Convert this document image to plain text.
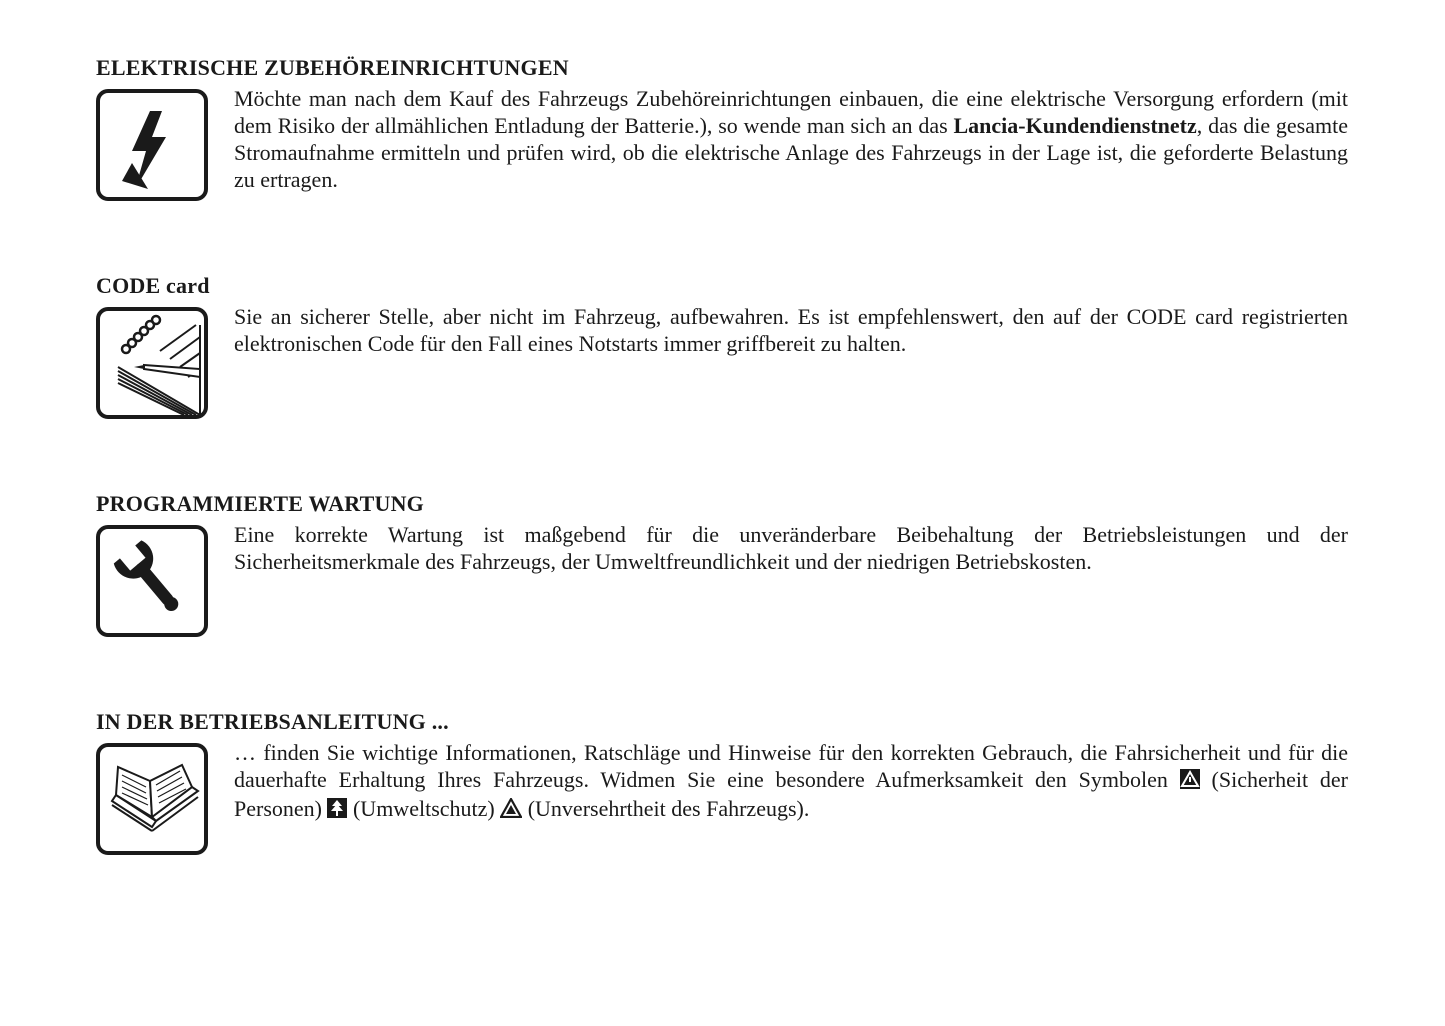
ELEKTRISCHE ZUBEHÖREINRICHTUNGEN

Möchte man nach dem Kauf des Fahrzeugs Zubehöreinrichtungen einbauen, die eine elektrische Versorgung erfordern (mit dem Risiko der allmählichen Entladung der Batterie.), so wende man sich an das Lancia-Kundendienstnetz, das die gesamte Stromaufnahme ermitteln und prüfen wird, ob die elektrische Anlage des Fahrzeugs in der Lage ist, die geforderte Belastung zu ertragen.

CODE card

Sie an sicherer Stelle, aber nicht im Fahrzeug, aufbewahren. Es ist empfehlenswert, den auf der CODE card registrierten elektronischen Code für den Fall eines Notstarts immer griffbereit zu halten.

PROGRAMMIERTE WARTUNG

Eine korrekte Wartung ist maßgebend für die unveränderbare Beibehaltung der Betriebsleistungen und der Sicherheitsmerkmale des Fahrzeugs, der Umweltfreundlichkeit und der niedrigen Betriebskosten.

IN DER BETRIEBSANLEITUNG ...

… finden Sie wichtige Informationen, Ratschläge und Hinweise für den korrekten Gebrauch, die Fahrsicherheit und für die dauerhafte Erhaltung Ihres Fahrzeugs. Widmen Sie eine besondere Aufmerksamkeit den Symbolen  (Sicherheit der Personen)  (Umweltschutz)  (Unversehrtheit des Fahrzeugs).
